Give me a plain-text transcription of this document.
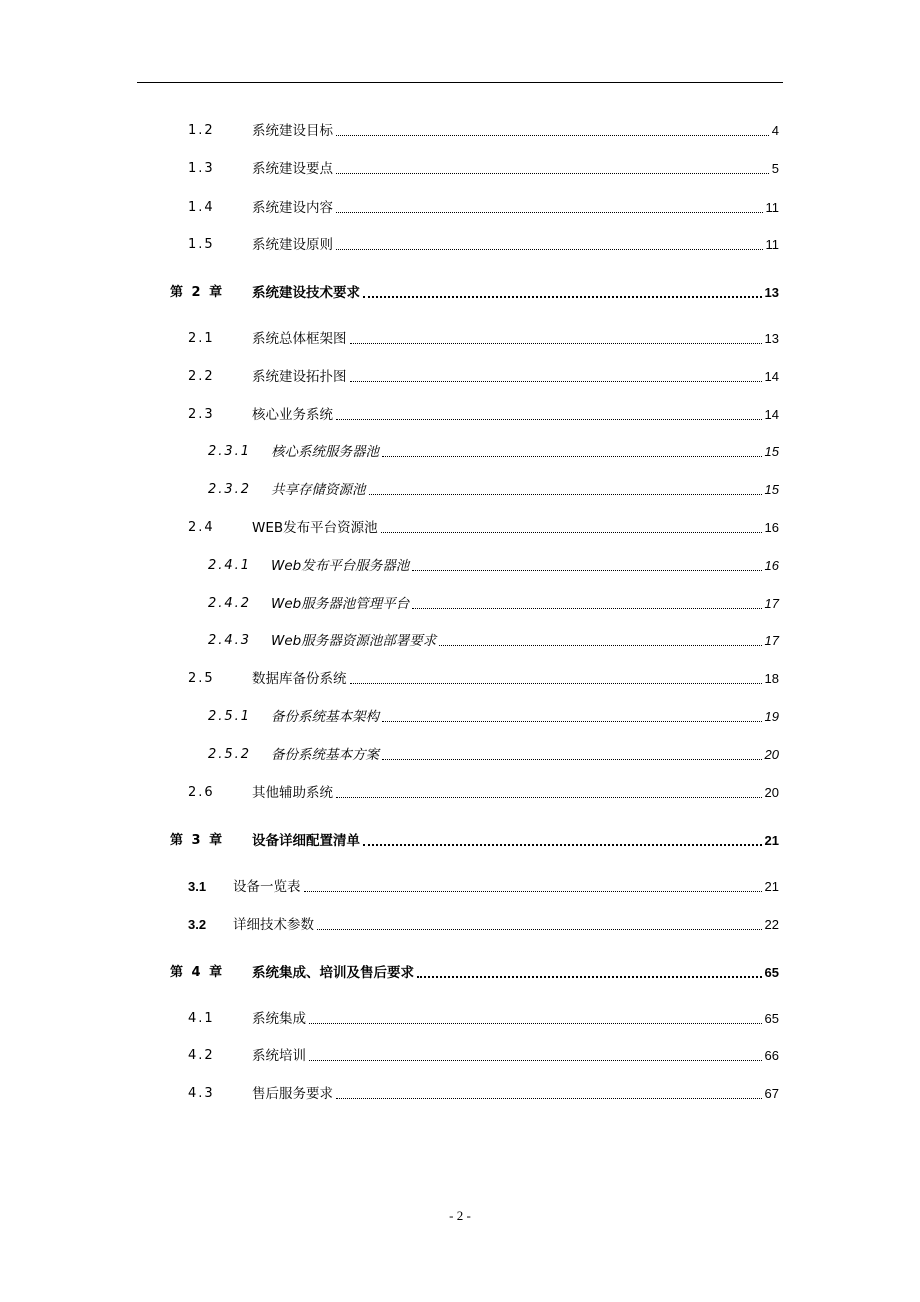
1.2	系统建设目标	4
1.3	系统建设要点	5
1.4	系统建设内容	11
1.5	系统建设原则	11
第 2 章 系统建设技术要求	13
2.1	系统总体框架图	13
2.2	系统建设拓扑图	14
2.3	核心业务系统	14
2.3.1 核心系统服务器池	15
2.3.2 共享存储资源池	15
2.4	WEB发布平台资源池	16
2.4.1 Web发布平台服务器池	16
2.4.2 Web服务器池管理平台	17
2.4.3 Web服务器资源池部署要求	17
2.5	数据库备份系统	18
2.5.1 备份系统基本架构	19
2.5.2 备份系统基本方案	20
2.6	其他辅助系统	20
第 3 章 设备详细配置清单	21
3.1 设备一览表	21
3.2 详细技术参数	22
第 4 章 系统集成、培训及售后要求	65
4.1	系统集成	65
4.2	系统培训	66
4.3	售后服务要求	67
- 2 -
